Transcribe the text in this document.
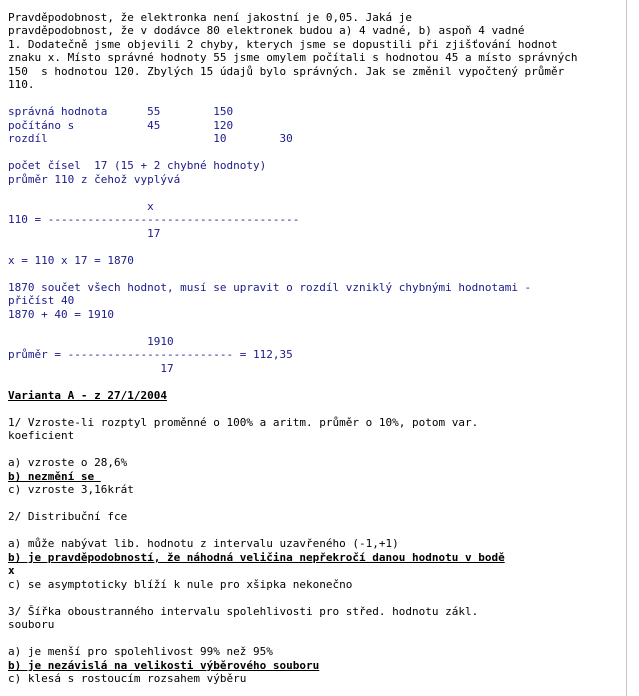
Pravděpodobnost, že elektronka není jakostní je 0,05. Jaká je
pravděpodobnost, že v dodávce 80 elektronek budou a) 4 vadné, b) aspoň 4 vadné
1. Dodatečně jsme objevili 2 chyby, kterych jsme se dopustili při zjišťování hodnot
znaku x. Místo správné hodnoty 55 jsme omylem počítali s hodnotou 45 a místo správných
150  s hodnotou 120. Zbylých 15 údajů bylo správných. Jak se změnil vypočtený průměr
110.
správná hodnota      55        150
počítáno s           45        120
rozdíl                         10        30
počet čísel  17 (15 + 2 chybné hodnoty)
průměr 110 z čehož vyplývá
x
110 = --------------------------------------
17
x = 110 x 17 = 1870
1870 součet všech hodnot, musí se upravit o rozdíl vzniklý chybnými hodnotami -
přičíst 40
1870 + 40 = 1910
1910
průměr = ------------------------- = 112,35
17
Varianta A - z 27/1/2004
1/ Vzroste-li rozptyl proměnné o 100% a aritm. průměr o 10%, potom var.
koeficient
a) vzroste o 28,6%
b) nezmění se
c) vzroste 3,16krát
2/ Distribuční fce
a) může nabývat lib. hodnotu z intervalu uzavřeného (-1,+1)
b) je pravděpodobností, že náhodná veličina nepřekročí danou hodnotu v bodě
x
c) se asymptoticky blíží k nule pro xšipka nekonečno
3/ Šířka oboustranného intervalu spolehlivosti pro střed. hodnotu zákl.
souboru
a) je menší pro spolehlivost 99% než 95%
b) je nezávislá na velikosti výběrového souboru
c) klesá s rostoucím rozsahem výběru
